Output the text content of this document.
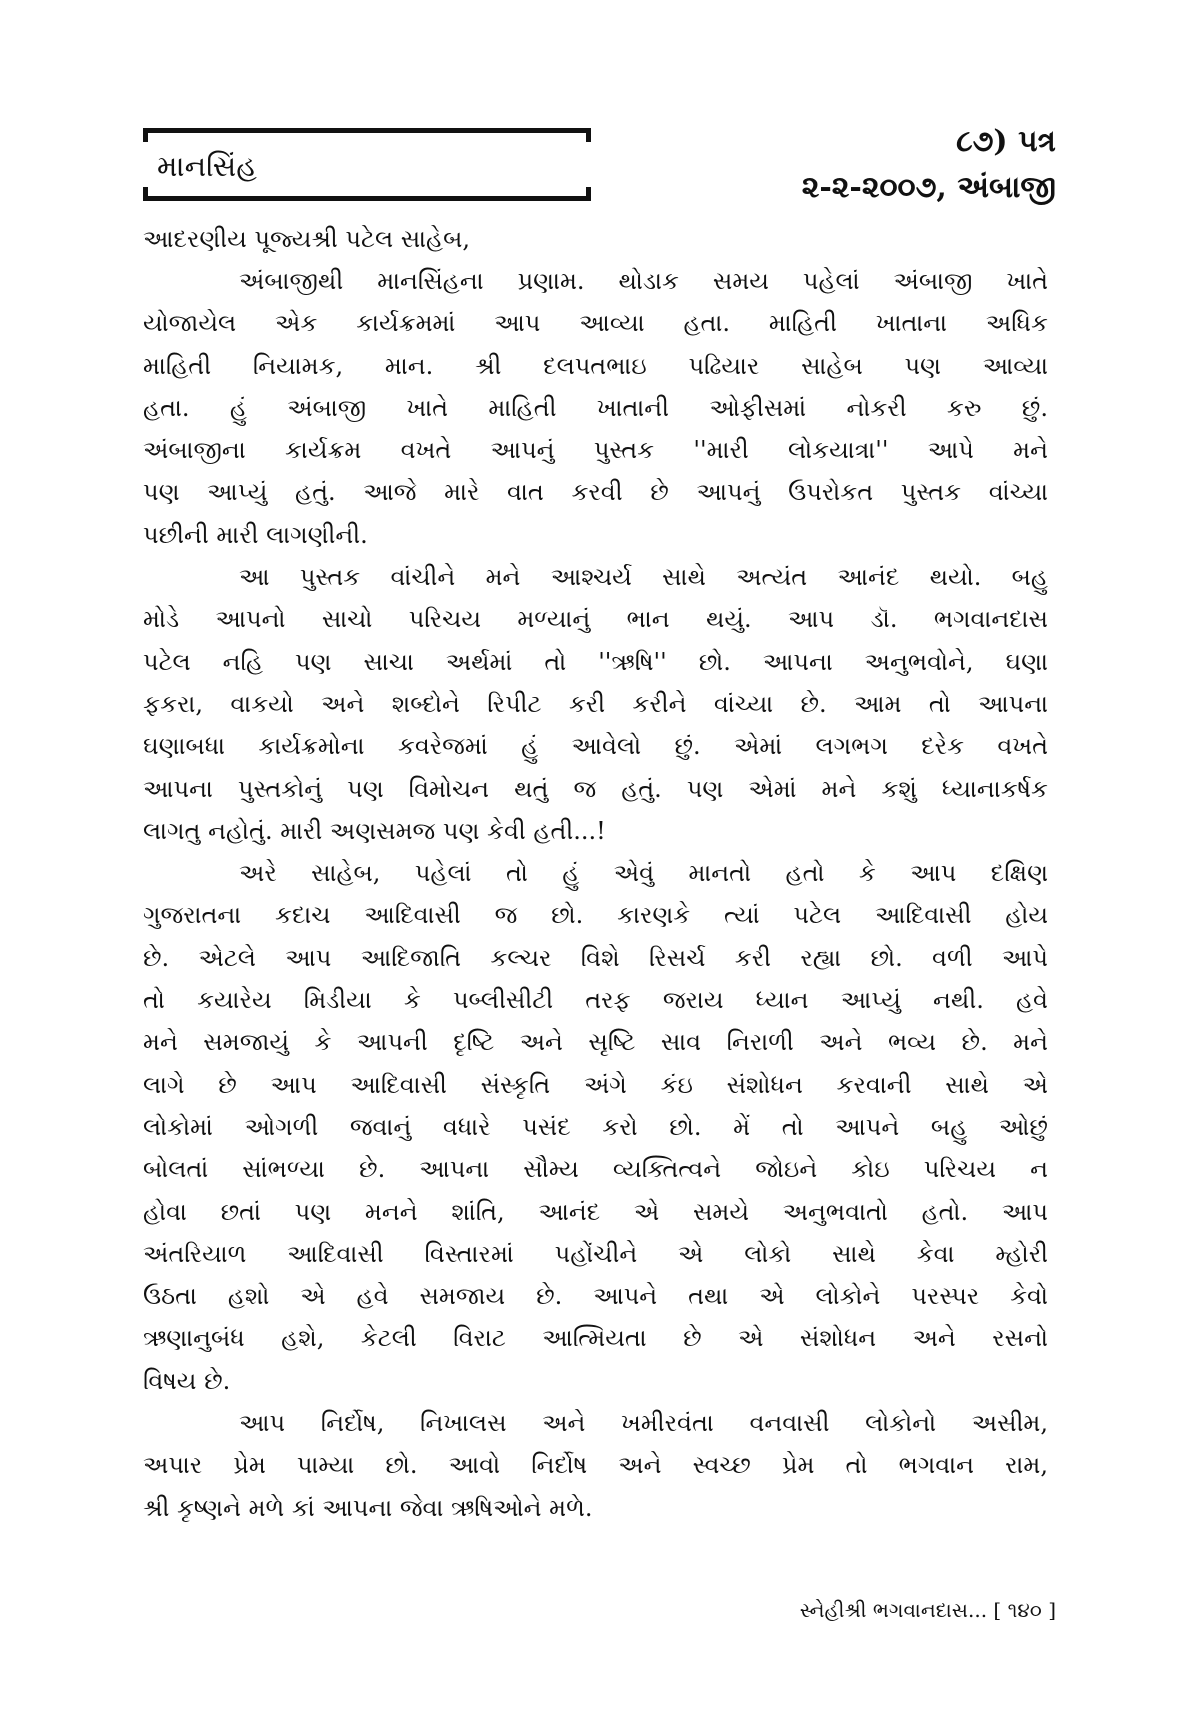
માનસિંહ
૮૭) પત્ર
૨-૨-૨૦૦૭, અંબાજી
આદરણીય પૂજ્યશ્રી પટેલ સાહેબ,
અંબાજીથી માનસિંહના પ્રણામ. થોડાક સમય પહેલાં અંબાજી ખાતે
યોજાયેલ એક કાર્યક્રમમાં આપ આવ્યા હતા. માહિતી ખાતાના અધિક
માહિતી નિયામક, માન. શ્રી દલપતભાઇ પઢિયાર સાહેબ પણ આવ્યા
હતા. હું અંબાજી ખાતે માહિતી ખાતાની ઓફીસમાં નોકરી કરુ છું.
અંબાજીના કાર્યક્રમ વખતે આપનું પુસ્તક ''મારી લોકયાત્રા'' આપે મને
પણ આપ્યું હતું. આજે મારે વાત કરવી છે આપનું ઉપરોકત પુસ્તક વાંચ્યા
પછીની મારી લાગણીની.
આ પુસ્તક વાંચીને મને આશ્ચર્ય સાથે અત્યંત આનંદ થયો. બહુ
મોડે આપનો સાચો પરિચય મળ્યાનું ભાન થયું. આપ ડૉ. ભગવાનદાસ
પટેલ નહિ પણ સાચા અર્થમાં તો ''ઋષિ'' છો. આપના અનુભવોને, ઘણા
ફકરા, વાકયો અને શબ્દોને રિપીટ કરી કરીને વાંચ્યા છે. આમ તો આપના
ઘણાબધા કાર્યક્રમોના કવરેજમાં હું આવેલો છું. એમાં લગભગ દરેક વખતે
આપના પુસ્તકોનું પણ વિમોચન થતું જ હતું. પણ એમાં મને કશું ધ્યાનાકર્ષક
લાગતુ નહોતું. મારી અણસમજ પણ કેવી હતી...!
અરે સાહેબ, પહેલાં તો હું એવું માનતો હતો કે આપ દક્ષિણ
ગુજરાતના કદાચ આદિવાસી જ છો. કારણકે ત્યાં પટેલ આદિવાસી હોય
છે. એટલે આપ આદિજાતિ કલ્ચર વિશે રિસર્ચ કરી રહ્યા છો. વળી આપે
તો કયારેય મિડીયા કે પબ્લીસીટી તરફ જરાય ધ્યાન આપ્યું નથી. હવે
મને સમજાયું કે આપની દૃષ્ટિ અને સૃષ્ટિ સાવ નિરાળી અને ભવ્ય છે. મને
લાગે છે આપ આદિવાસી સંસ્કૃતિ અંગે કંઇ સંશોધન કરવાની સાથે એ
લોકોમાં ઓગળી જવાનું વધારે પસંદ કરો છો. મેં તો આપને બહુ ઓછું
બોલતાં સાંભળ્યા છે. આપના સૌમ્ય વ્યક્તિત્વને જોઇને કોઇ પરિચય ન
હોવા છતાં પણ મનને શાંતિ, આનંદ એ સમયે અનુભવાતો હતો. આપ
અંતરિયાળ આદિવાસી વિસ્તારમાં પહોંચીને એ લોકો સાથે કેવા મ્હોરી
ઉઠતા હશો એ હવે સમજાય છે. આપને તથા એ લોકોને પરસ્પર કેવો
ઋણાનુબંધ હશે, કેટલી વિરાટ આત્મિયતા છે એ સંશોધન અને રસનો
વિષય છે.
આપ નિર્દોષ, નિખાલસ અને ખમીરવંતા વનવાસી લોકોનો અસીમ,
અપાર પ્રેમ પામ્યા છો. આવો નિર્દોષ અને સ્વચ્છ પ્રેમ તો ભગવાન રામ,
શ્રી કૃષ્ણને મળે કાં આપના જેવા ઋષિઓને મળે.
સ્નેહીશ્રી ભગવાનદાસ... [ ૧૪૦ ]
